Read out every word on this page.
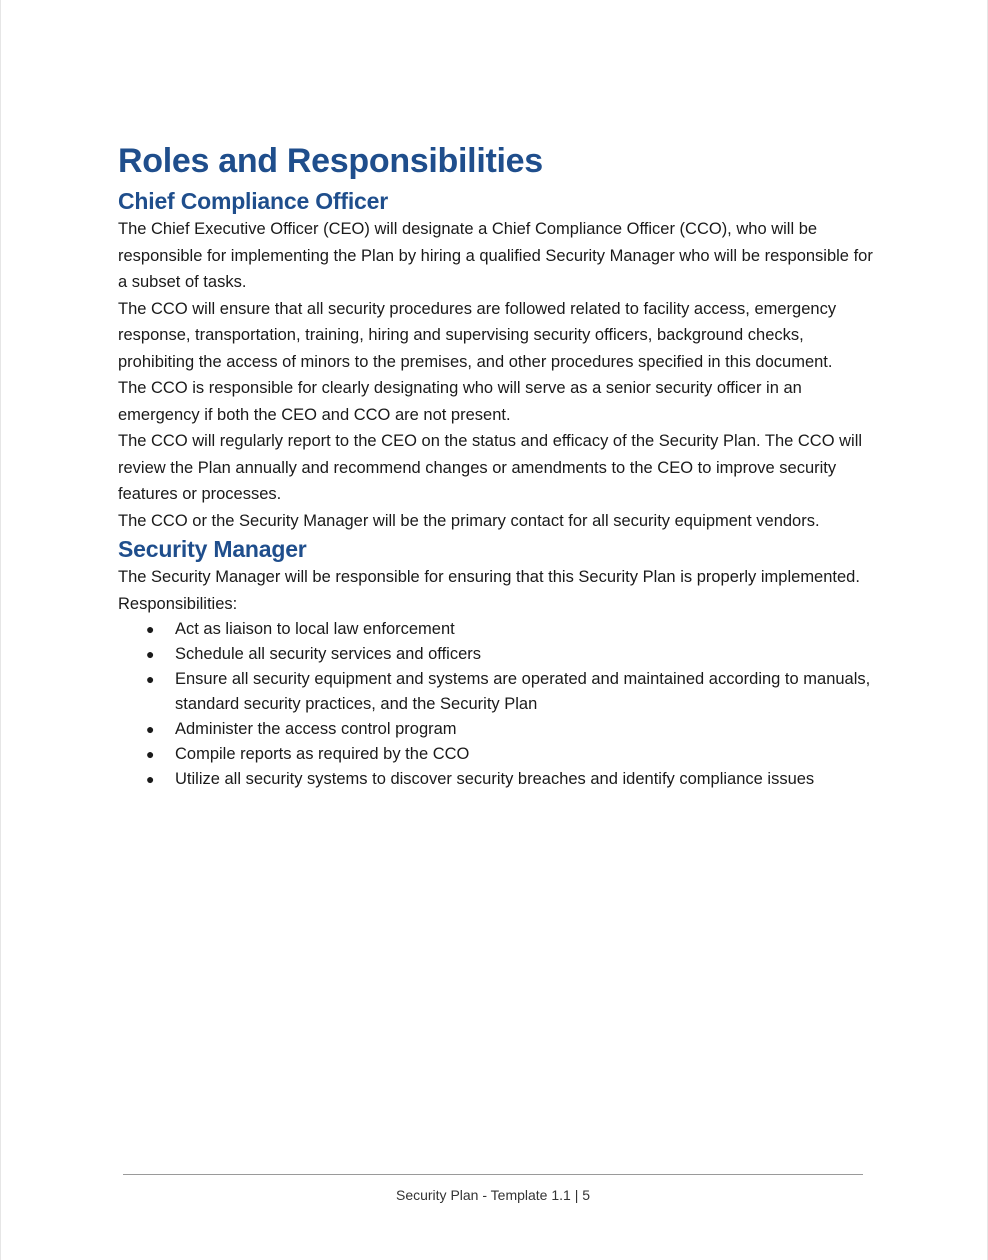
Roles and Responsibilities
Chief Compliance Officer

The Chief Executive Officer (CEO) will designate a Chief Compliance Officer (CCO), who will be responsible for implementing the Plan by hiring a qualified Security Manager who will be responsible for a subset of tasks.

The CCO will ensure that all security procedures are followed related to facility access, emergency response, transportation, training, hiring and supervising security officers, background checks, prohibiting the access of minors to the premises, and other procedures specified in this document.

The CCO is responsible for clearly designating who will serve as a senior security officer in an emergency if both the CEO and CCO are not present.

The CCO will regularly report to the CEO on the status and efficacy of the Security Plan. The CCO will review the Plan annually and recommend changes or amendments to the CEO to improve security features or processes.

The CCO or the Security Manager will be the primary contact for all security equipment vendors.

Security Manager

The Security Manager will be responsible for ensuring that this Security Plan is properly implemented.

Responsibilities:

● Act as liaison to local law enforcement
● Schedule all security services and officers
● Ensure all security equipment and systems are operated and maintained according to manuals, standard security practices, and the Security Plan
● Administer the access control program
● Compile reports as required by the CCO
● Utilize all security systems to discover security breaches and identify compliance issues
Security Plan - Template 1.1 | 5
